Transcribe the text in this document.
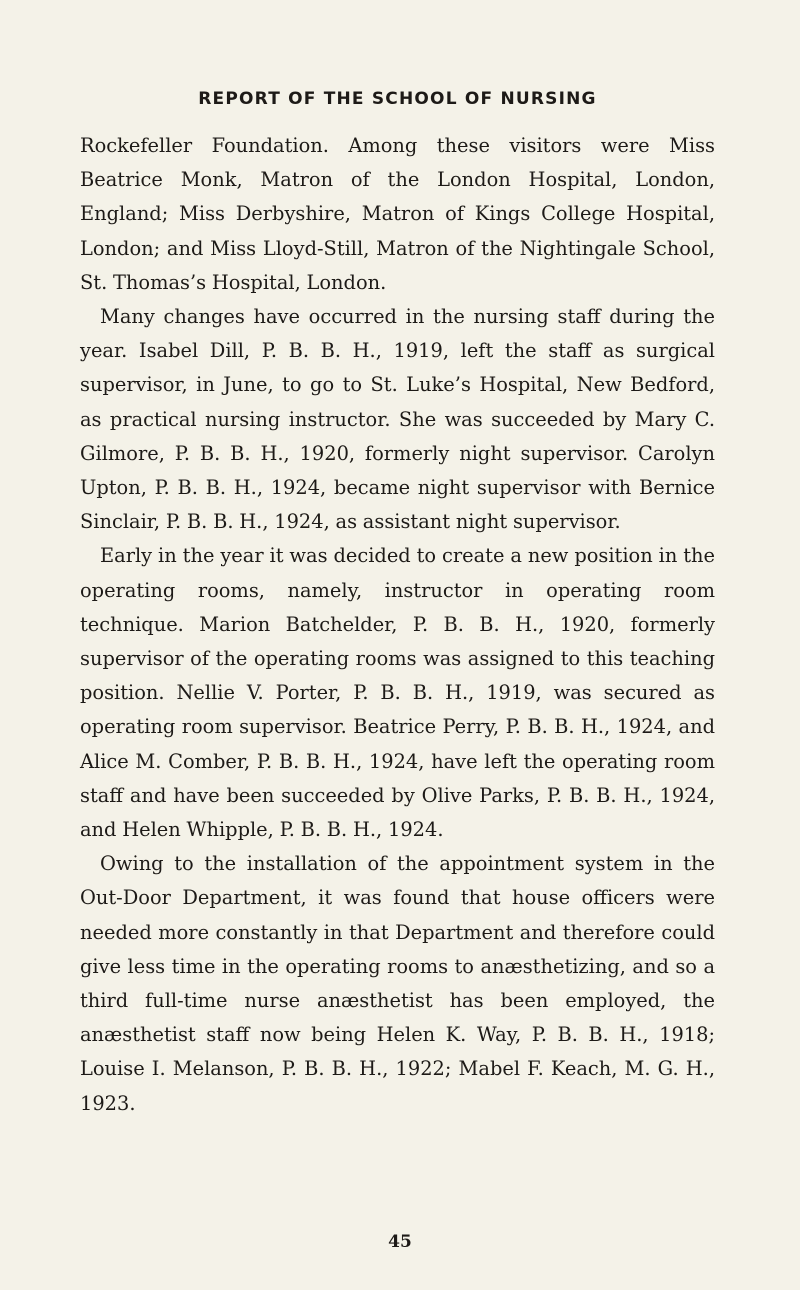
REPORT OF THE SCHOOL OF NURSING

Rockefeller Foundation. Among these visitors were Miss Beatrice Monk, Matron of the London Hospital, London, England; Miss Derbyshire, Matron of Kings College Hospital, London; and Miss Lloyd-Still, Matron of the Nightingale School, St. Thomas’s Hospital, London.

Many changes have occurred in the nursing staff during the year. Isabel Dill, P. B. B. H., 1919, left the staff as surgical supervisor, in June, to go to St. Luke’s Hospital, New Bedford, as practical nursing instructor. She was succeeded by Mary C. Gilmore, P. B. B. H., 1920, formerly night supervisor. Carolyn Upton, P. B. B. H., 1924, became night supervisor with Bernice Sinclair, P. B. B. H., 1924, as assistant night supervisor.

Early in the year it was decided to create a new position in the operating rooms, namely, instructor in operating room technique. Marion Batchelder, P. B. B. H., 1920, formerly supervisor of the operating rooms was assigned to this teaching position. Nellie V. Porter, P. B. B. H., 1919, was secured as operating room supervisor. Beatrice Perry, P. B. B. H., 1924, and Alice M. Comber, P. B. B. H., 1924, have left the operating room staff and have been succeeded by Olive Parks, P. B. B. H., 1924, and Helen Whipple, P. B. B. H., 1924.

Owing to the installation of the appointment system in the Out-Door Department, it was found that house officers were needed more constantly in that Department and therefore could give less time in the operating rooms to anæsthetizing, and so a third full-time nurse anæsthetist has been employed, the anæsthetist staff now being Helen K. Way, P. B. B. H., 1918; Louise I. Melanson, P. B. B. H., 1922; Mabel F. Keach, M. G. H., 1923.

45
